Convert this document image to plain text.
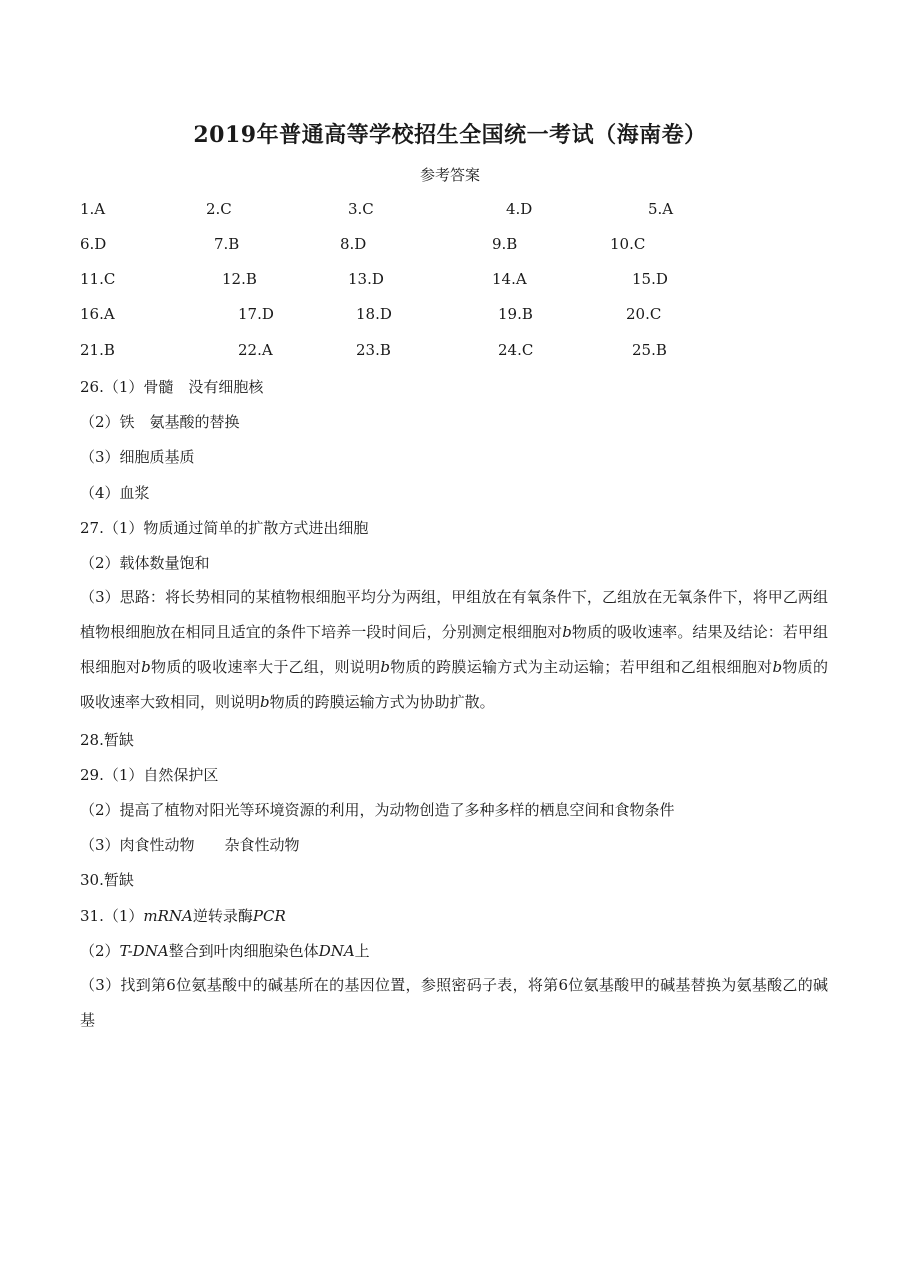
2019年普通高等学校招生全国统一考试（海南卷）
参考答案
1.A	2.C	3.C	4.D	5.A
6.D	7.B	8.D	9.B	10.C
11.C	12.B	13.D	14.A	15.D
16.A	17.D	18.D	19.B	20.C
21.B	22.A	23.B	24.C	25.B
26.（1）骨髓　没有细胞核
（2）铁　氨基酸的替换
（3）细胞质基质
（4）血浆
27.（1）物质通过简单的扩散方式进出细胞
（2）载体数量饱和
（3）思路：将长势相同的某植物根细胞平均分为两组，甲组放在有氧条件下，乙组放在无氧条件下，将甲乙两组植物根细胞放在相同且适宜的条件下培养一段时间后，分别测定根细胞对b物质的吸收速率。结果及结论：若甲组根细胞对b物质的吸收速率大于乙组，则说明b物质的跨膜运输方式为主动运输；若甲组和乙组根细胞对b物质的吸收速率大致相同，则说明b物质的跨膜运输方式为协助扩散。
28.暂缺
29.（1）自然保护区
（2）提高了植物对阳光等环境资源的利用，为动物创造了多种多样的栖息空间和食物条件
（3）肉食性动物　　杂食性动物
30.暂缺
31.（1）mRNA逆转录酶PCR
（2）T-DNA整合到叶肉细胞染色体DNA上
（3）找到第6位氨基酸中的碱基所在的基因位置，参照密码子表，将第6位氨基酸甲的碱基替换为氨基酸乙的碱基
